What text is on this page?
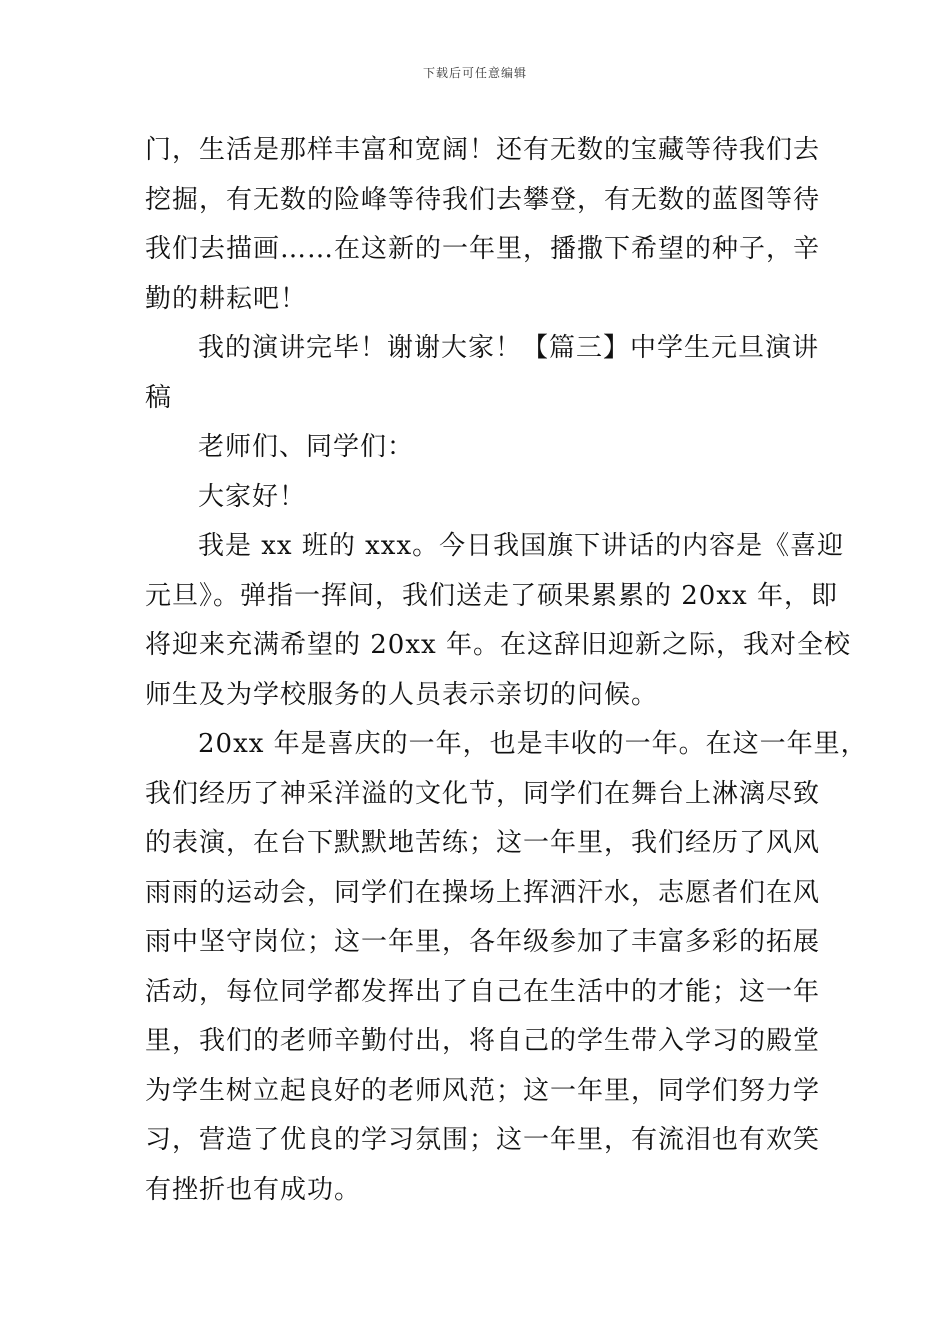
下载后可任意编辑
门，生活是那样丰富和宽阔！还有无数的宝藏等待我们去
挖掘，有无数的险峰等待我们去攀登，有无数的蓝图等待
我们去描画……在这新的一年里，播撒下希望的种子，辛
勤的耕耘吧！
我的演讲完毕！谢谢大家！【篇三】中学生元旦演讲
稿
老师们、同学们：
大家好！
我是 xx 班的 xxx。今日我国旗下讲话的内容是《喜迎
元旦》。弹指一挥间，我们送走了硕果累累的 20xx 年，即
将迎来充满希望的 20xx 年。在这辞旧迎新之际，我对全校
师生及为学校服务的人员表示亲切的问候。
20xx 年是喜庆的一年，也是丰收的一年。在这一年里，
我们经历了神采洋溢的文化节，同学们在舞台上淋漓尽致
的表演，在台下默默地苦练；这一年里，我们经历了风风
雨雨的运动会，同学们在操场上挥洒汗水，志愿者们在风
雨中坚守岗位；这一年里，各年级参加了丰富多彩的拓展
活动，每位同学都发挥出了自己在生活中的才能；这一年
里，我们的老师辛勤付出，将自己的学生带入学习的殿堂
为学生树立起良好的老师风范；这一年里，同学们努力学
习，营造了优良的学习氛围；这一年里，有流泪也有欢笑
有挫折也有成功。
